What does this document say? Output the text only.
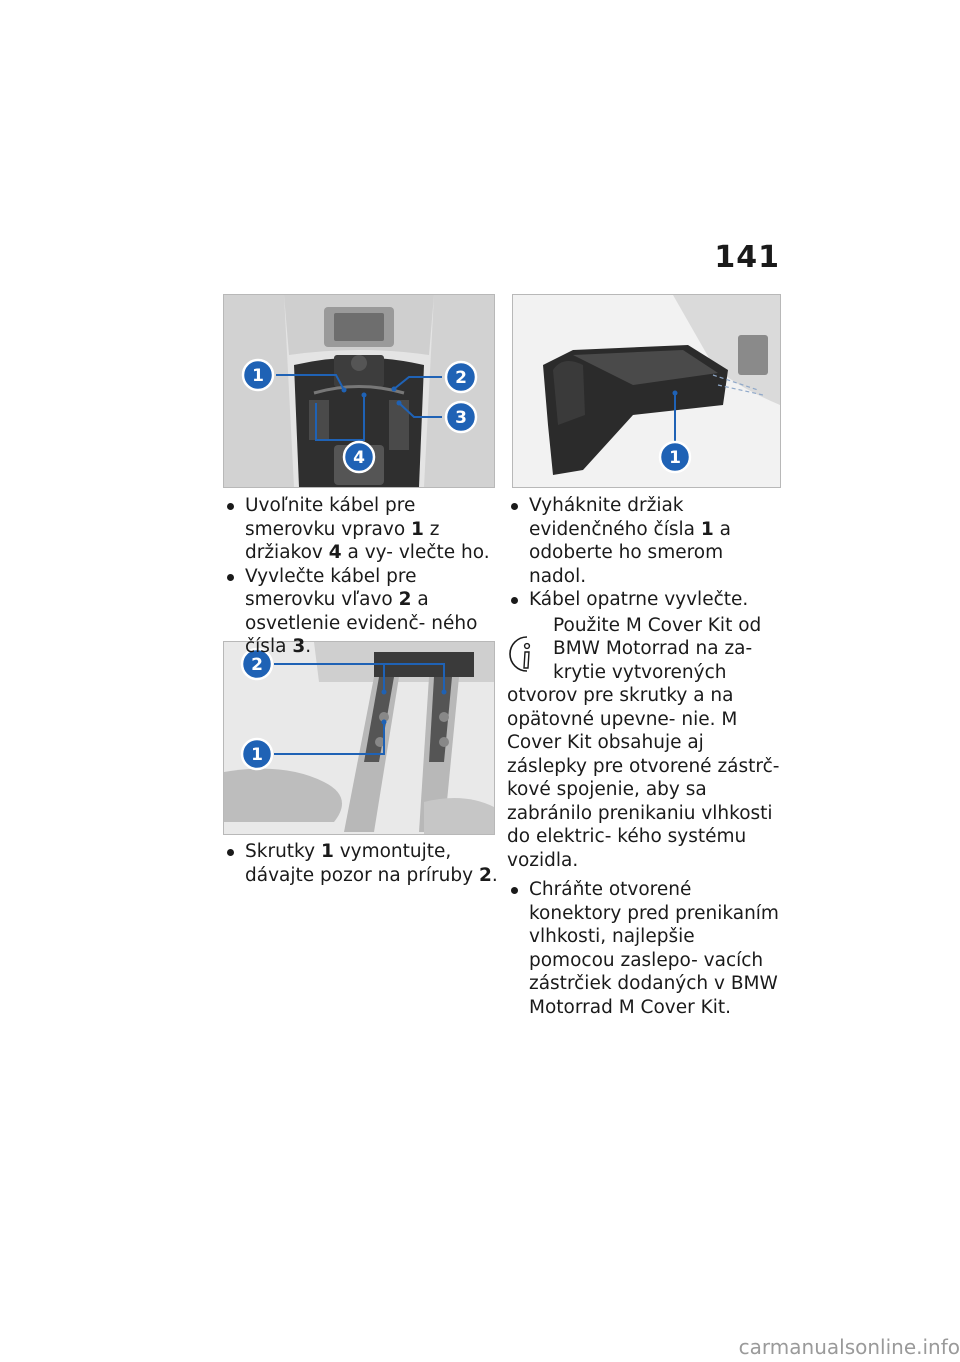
141
1	2
3
4	1
2
1

Uvoľnite kábel pre smerovku vpravo 1 z držiakov 4 a vy- vlečte ho.

Vyvlečte kábel pre smerovku vľavo 2 a osvetlenie evidenč- ného čísla 3.

Skrutky 1 vymontujte, dávajte pozor na príruby 2.

Vyháknite držiak evidenčného čísla 1 a odoberte ho smerom nadol.

Kábel opatrne vyvlečte.

Použite M Cover Kit od BMW Motorrad na za- krytie vytvorených otvorov pre skrutky a na opätovné upevne- nie. M Cover Kit obsahuje aj záslepky pre otvorené zástrč- kové spojenie, aby sa zabránilo prenikaniu vlhkosti do elektric- kého systému vozidla.

Chráňte otvorené konektory pred prenikaním vlhkosti, najlepšie pomocou zaslepo- vacích zástrčiek dodaných v BMW Motorrad M Cover Kit.

carmanualsonline.info
